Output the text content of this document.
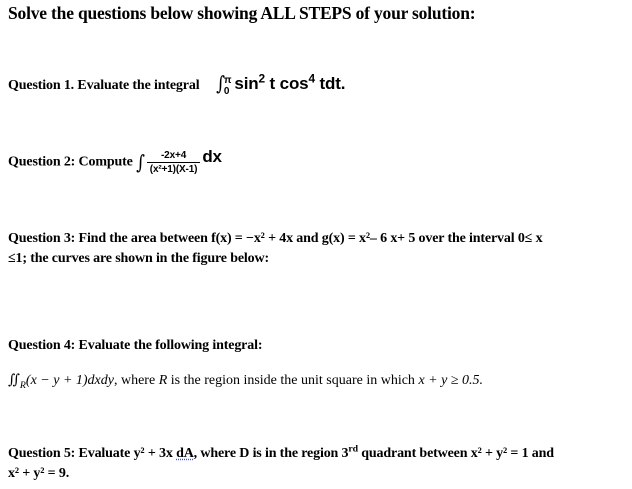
Solve the questions below showing ALL STEPS of your solution:
Question 1. Evaluate the integral ∫ π
0 $\sin^2 t$ $\cos^4$ tdt.
Question 2: Compute ∫ $\frac{-2x+4}{\text{(x²+1)(X-1)}}$ dx
Question 3: Find the area between f(x) = −x² + 4x and g(x) = x²– 6 x+ 5 over the interval 0≤ x
≤1; the curves are shown in the figure below:
Question 4: Evaluate the following integral:
$∬_R(x - y$ + 1)dxdy, where R is the region inside the unit square in which x + y ≥ 0.5.
Question 5: Evaluate y² + 3x dA, where D is in the region 3rd quadrant between x² + y² = 1 and
x² + y² = 9.
